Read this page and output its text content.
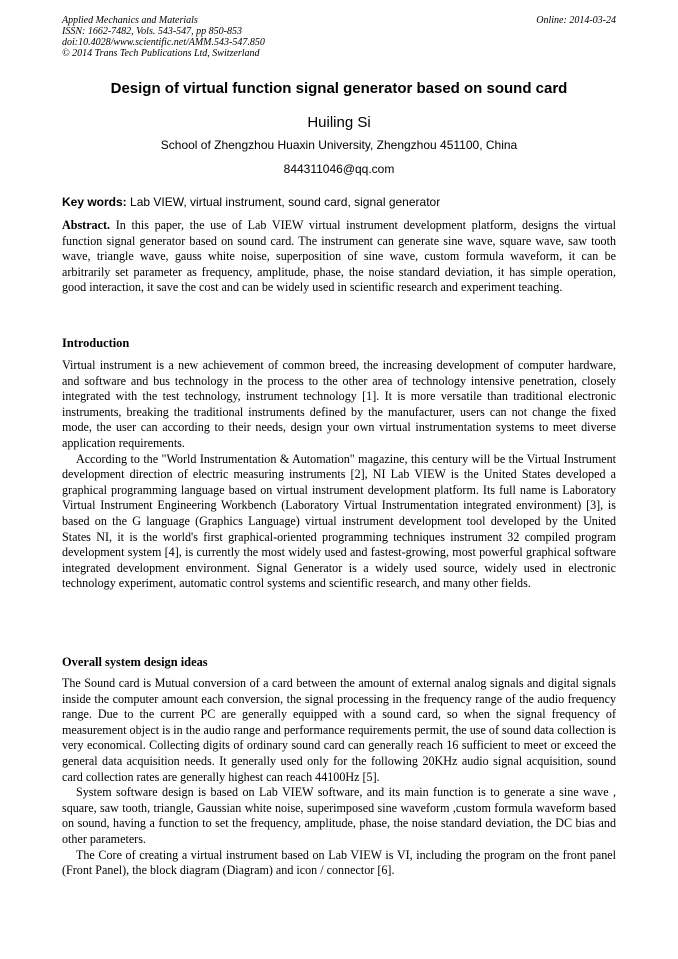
Applied Mechanics and Materials
ISSN: 1662-7482, Vols. 543-547, pp 850-853
doi:10.4028/www.scientific.net/AMM.543-547.850
© 2014 Trans Tech Publications Ltd, Switzerland
Online: 2014-03-24
Design of virtual function signal generator based on sound card
Huiling Si
School of Zhengzhou Huaxin University, Zhengzhou 451100, China
844311046@qq.com
Key words: Lab VIEW, virtual instrument, sound card, signal generator

Abstract. In this paper, the use of Lab VIEW virtual instrument development platform, designs the virtual function signal generator based on sound card. The instrument can generate sine wave, square wave, saw tooth wave, triangle wave, gauss white noise, superposition of sine wave, custom formula waveform, it can be arbitrarily set parameter as frequency, amplitude, phase, the noise standard deviation, it has simple operation, good interaction, it save the cost and can be widely used in scientific research and experiment teaching.

Introduction

Virtual instrument is a new achievement of common breed, the increasing development of computer hardware, and software and bus technology in the process to the other area of technology intensive penetration, closely integrated with the test technology, instrument technology [1]. It is more versatile than traditional electronic instruments, breaking the traditional instruments defined by the manufacturer, users can not change the fixed mode, the user can according to their needs, design your own virtual instrumentation systems to meet diverse application requirements.

According to the "World Instrumentation & Automation" magazine, this century will be the Virtual Instrument development direction of electric measuring instruments [2], NI Lab VIEW is the United States developed a graphical programming language based on virtual instrument development platform. Its full name is Laboratory Virtual Instrument Engineering Workbench (Laboratory Virtual Instrumentation integrated environment) [3], is based on the G language (Graphics Language) virtual instrument development tool developed by the United States NI, it is the world's first graphical-oriented programming techniques instrument 32 compiled program development system [4], is currently the most widely used and fastest-growing, most powerful graphical software integrated development environment. Signal Generator is a widely used source, widely used in electronic technology experiment, automatic control systems and scientific research, and many other fields.

Overall system design ideas

The Sound card is Mutual conversion of a card between the amount of external analog signals and digital signals inside the computer amount each conversion, the signal processing in the frequency range of the audio frequency range. Due to the current PC are generally equipped with a sound card, so when the signal frequency of measurement object is in the audio range and performance requirements permit, the use of sound data collection is very economical. Collecting digits of ordinary sound card can generally reach 16 sufficient to meet or exceed the general data acquisition needs. It generally used only for the following 20KHz audio signal acquisition, sound card collection rates are generally highest can reach 44100Hz [5].

System software design is based on Lab VIEW software, and its main function is to generate a sine wave , square, saw tooth, triangle, Gaussian white noise, superimposed sine waveform ,custom formula waveform based on sound, having a function to set the frequency, amplitude, phase, the noise standard deviation, the DC bias and other parameters.

The Core of creating a virtual instrument based on Lab VIEW is VI, including the program on the front panel (Front Panel), the block diagram (Diagram) and icon / connector [6].
